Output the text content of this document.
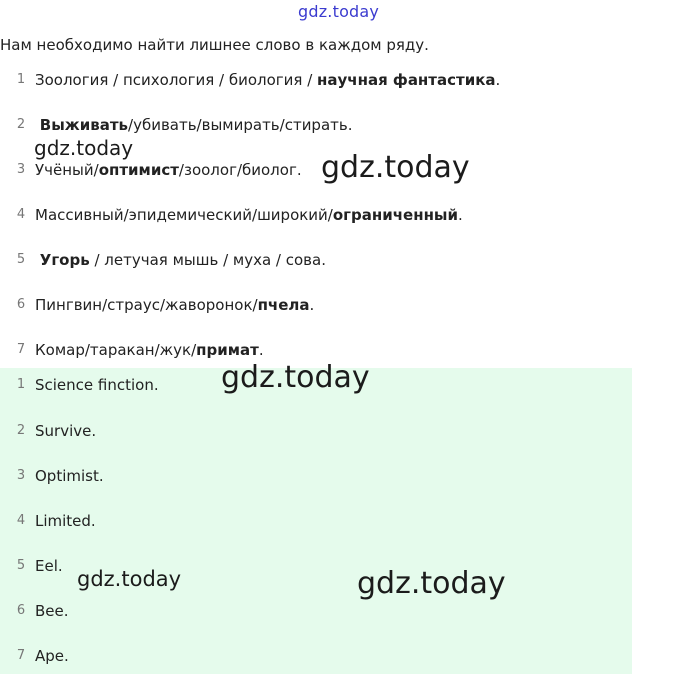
gdz.today
Нам необходимо найти лишнее слово в каждом ряду.
1 Зоология / психология / биология / научная фантастика.
2 Выживать/убивать/вымирать/стирать.
3 Учёный/оптимист/зоолог/биолог.
4 Массивный/эпидемический/широкий/ограниченный.
5 Угорь / летучая мышь / муха / сова.
6 Пингвин/страус/жаворонок/пчела.
7 Комар/таракан/жук/примат.
1 Science finction.
2 Survive.
3 Optimist.
4 Limited.
5 Eel.
6 Bee.
7 Ape.
gdz.today
gdz.today
gdz.today
gdz.today	gdz.today
